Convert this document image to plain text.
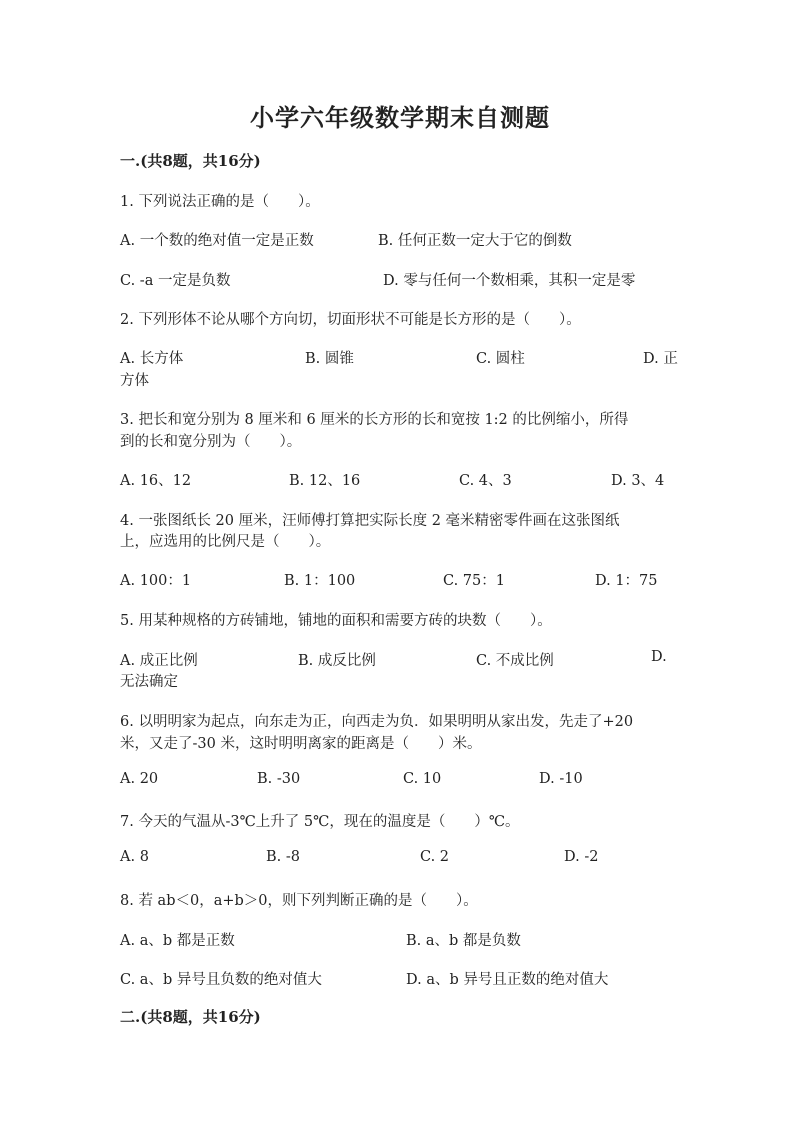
小学六年级数学期末自测题
一.(共8题，共16分)
1. 下列说法正确的是（　　）。
A. 一个数的绝对值一定是正数	B. 任何正数一定大于它的倒数
C. -a 一定是负数	D. 零与任何一个数相乘，其积一定是零
2. 下列形体不论从哪个方向切，切面形状不可能是长方形的是（　　）。
A. 长方体	B. 圆锥	C. 圆柱	D. 正
方体
3. 把长和宽分别为 8 厘米和 6 厘米的长方形的长和宽按 1:2 的比例缩小，所得
到的长和宽分别为（　　）。
A. 16、12	B. 12、16	C. 4、3	D. 3、4
4. 一张图纸长 20 厘米，汪师傅打算把实际长度 2 毫米精密零件画在这张图纸
上，应选用的比例尺是（　　）。
A. 100：1	B. 1：100	C. 75：1	D. 1：75
5. 用某种规格的方砖铺地，铺地的面积和需要方砖的块数（　　）。
A. 成正比例	B. 成反比例	C. 不成比例	D.
无法确定
6. 以明明家为起点，向东走为正，向西走为负．如果明明从家出发，先走了+20
米，又走了-30 米，这时明明离家的距离是（　　）米。
A. 20	B. -30	C. 10	D. -10
7. 今天的气温从-3℃上升了 5℃，现在的温度是（　　）℃。
A. 8	B. -8	C. 2	D. -2
8. 若 ab＜0，a+b＞0，则下列判断正确的是（　　）。
A. a、b 都是正数	B. a、b 都是负数
C. a、b 异号且负数的绝对值大	D. a、b 异号且正数的绝对值大
二.(共8题，共16分)
